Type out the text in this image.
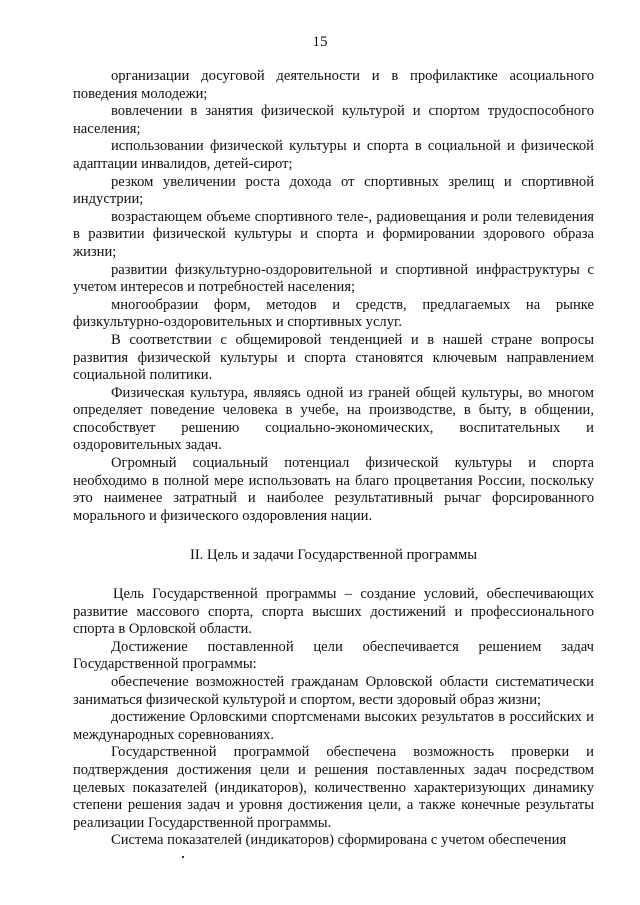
15

организации досуговой деятельности и в профилактике асоциального поведения молодежи;

вовлечении в занятия физической культурой и спортом трудоспособного населения;

использовании физической культуры и спорта в социальной и физической адаптации инвалидов, детей-сирот;

резком увеличении роста дохода от спортивных зрелищ и спортивной индустрии;

возрастающем объеме спортивного теле-, радиовещания и роли телевидения в развитии физической культуры и спорта и формировании здорового образа жизни;

развитии физкультурно-оздоровительной и спортивной инфраструктуры с учетом интересов и потребностей населения;

многообразии форм, методов и средств, предлагаемых на рынке физкультурно-оздоровительных и спортивных услуг.

В соответствии с общемировой тенденцией и в нашей стране вопросы развития физической культуры и спорта становятся ключевым направлением социальной политики.

Физическая культура, являясь одной из граней общей культуры, во многом определяет поведение человека в учебе, на производстве, в быту, в общении, способствует решению социально-экономических, воспитательных и оздоровительных задач.

Огромный социальный потенциал физической культуры и спорта необходимо в полной мере использовать на благо процветания России, поскольку это наименее затратный и наиболее результативный рычаг форсированного морального и физического оздоровления нации.

II. Цель и задачи Государственной программы

Цель Государственной программы – создание условий, обеспечивающих развитие массового спорта, спорта высших достижений и профессионального спорта в Орловской области.

Достижение поставленной цели обеспечивается решением задач Государственной программы:

обеспечение возможностей гражданам Орловской области систематически заниматься физической культурой и спортом, вести здоровый образ жизни;

достижение Орловскими спортсменами высоких результатов в российских и международных соревнованиях.

Государственной программой обеспечена возможность проверки и подтверждения достижения цели и решения поставленных задач посредством целевых показателей (индикаторов), количественно характеризующих динамику степени решения задач и уровня достижения цели, а также конечные результаты реализации Государственной программы.

Система показателей (индикаторов) сформирована с учетом обеспечения
